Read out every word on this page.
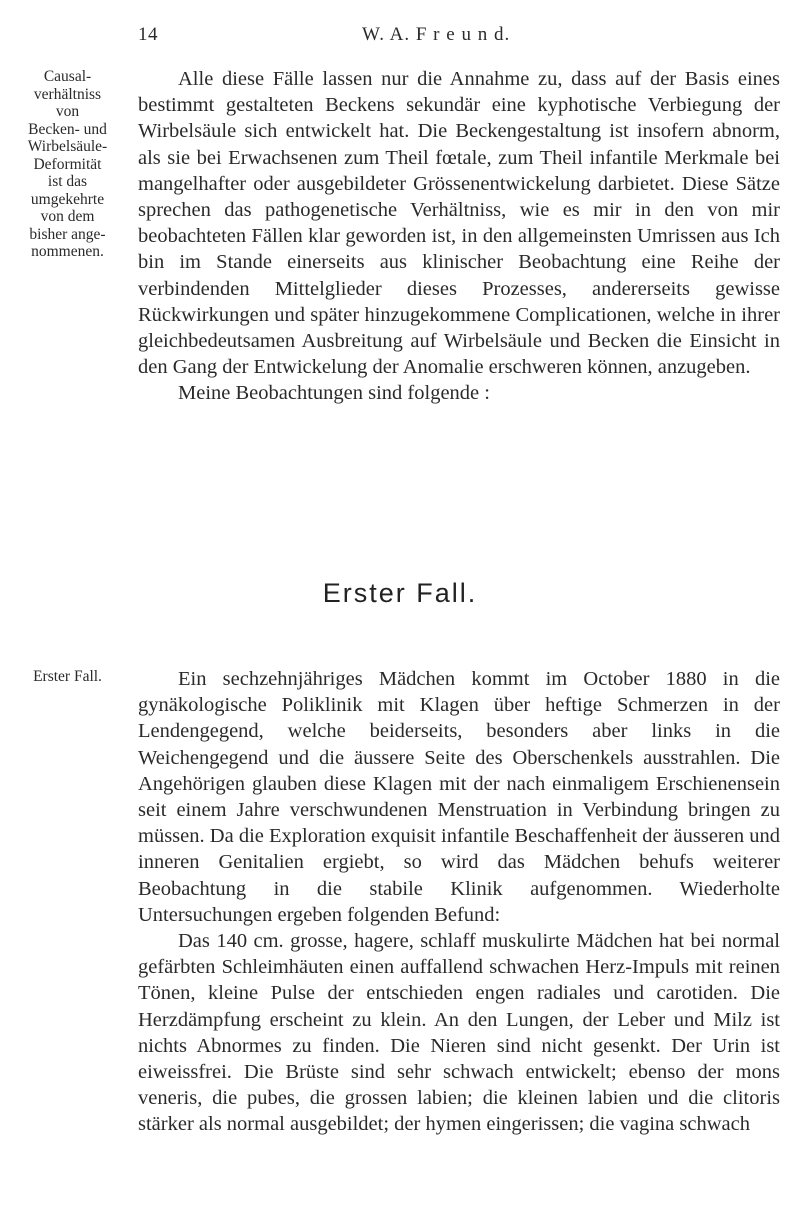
14	W. A. F r e u n d.
Causal-
verhältniss
von
Becken- und
Wirbelsäule-
Deformität
ist das
umgekehrte
von dem
bisher ange-
nommenen.

Alle diese Fälle lassen nur die Annahme zu, dass auf der Basis eines bestimmt gestalteten Beckens sekundär eine kyphotische Verbiegung der Wirbelsäule sich entwickelt hat. Die Beckengestaltung ist insofern abnorm, als sie bei Erwachsenen zum Theil fœtale, zum Theil infantile Merkmale bei mangelhafter oder ausgebildeter Grössenentwickelung darbietet. Diese Sätze sprechen das pathogenetische Verhältniss, wie es mir in den von mir beobachteten Fällen klar geworden ist, in den allgemeinsten Umrissen aus Ich bin im Stande einerseits aus klinischer Beobachtung eine Reihe der verbindenden Mittelglieder dieses Prozesses, andererseits gewisse Rückwirkungen und später hinzugekommene Complicationen, welche in ihrer gleichbedeutsamen Ausbreitung auf Wirbelsäule und Becken die Einsicht in den Gang der Entwickelung der Anomalie erschweren können, anzugeben.

Meine Beobachtungen sind folgende :

Erster Fall.
Erster Fall.	Ein sechzehnjähriges Mädchen kommt im October 1880 in die gynäkologische Poliklinik mit Klagen über heftige Schmerzen in der Lendengegend, welche beiderseits, besonders aber links in die Weichengegend und die äussere Seite des Oberschenkels ausstrahlen. Die Angehörigen glauben diese Klagen mit der nach einmaligem Erschienensein seit einem Jahre verschwundenen Menstruation in Verbindung bringen zu müssen. Da die Exploration exquisit infantile Beschaffenheit der äusseren und inneren Genitalien ergiebt, so wird das Mädchen behufs weiterer Beobachtung in die stabile Klinik aufgenommen. Wiederholte Untersuchungen ergeben folgenden Befund:

Das 140 cm. grosse, hagere, schlaff muskulirte Mädchen hat bei normal gefärbten Schleimhäuten einen auffallend schwachen Herz-Impuls mit reinen Tönen, kleine Pulse der entschieden engen radiales und carotiden. Die Herzdämpfung erscheint zu klein. An den Lungen, der Leber und Milz ist nichts Abnormes zu finden. Die Nieren sind nicht gesenkt. Der Urin ist eiweissfrei. Die Brüste sind sehr schwach entwickelt; ebenso der mons veneris, die pubes, die grossen labien; die kleinen labien und die clitoris stärker als normal ausgebildet; der hymen eingerissen; die vagina schwach
